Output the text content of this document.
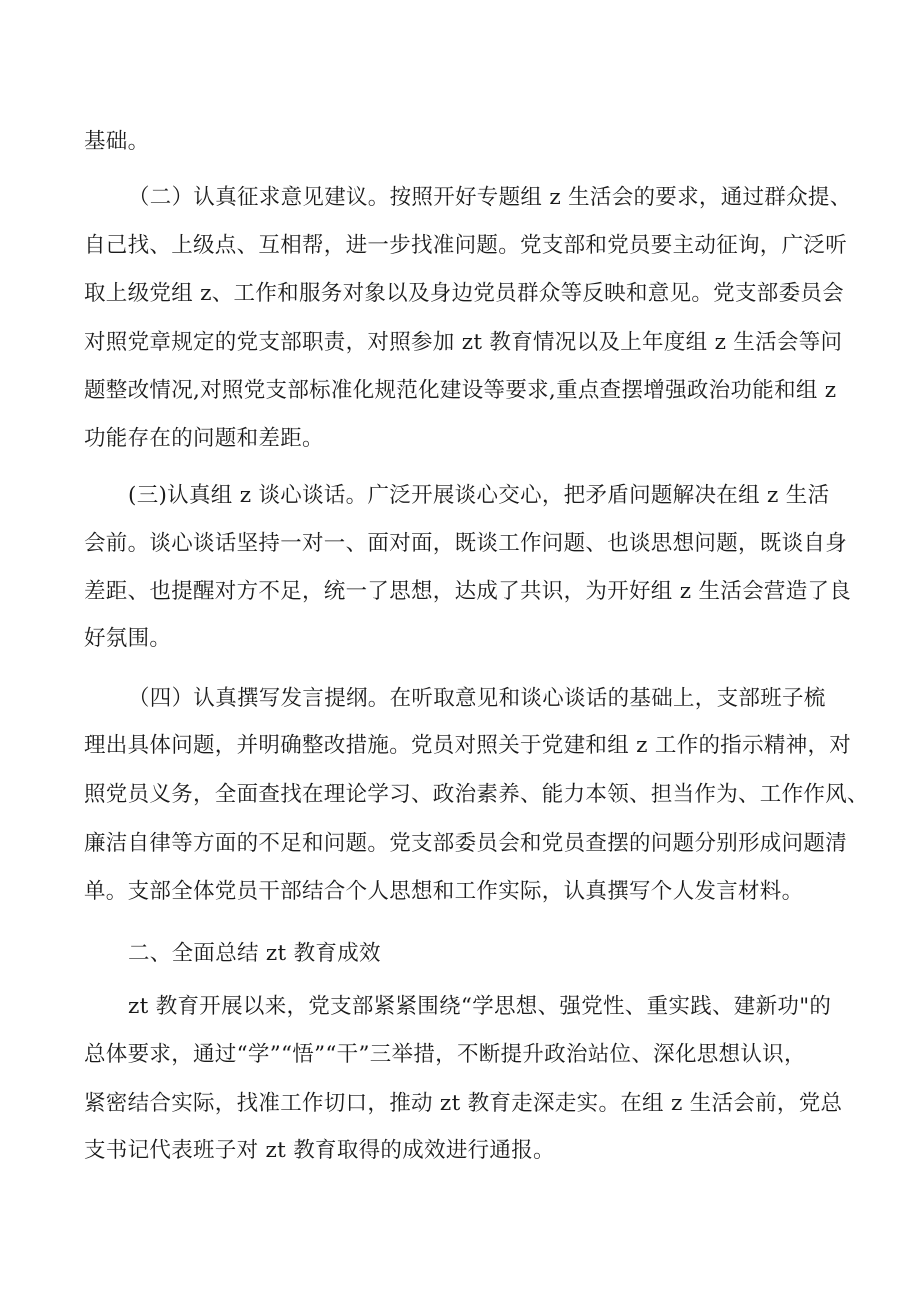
基础。
（二）认真征求意见建议。按照开好专题组 z 生活会的要求，通过群众提、
自己找、上级点、互相帮，进一步找准问题。党支部和党员要主动征询，广泛听
取上级党组 z、工作和服务对象以及身边党员群众等反映和意见。党支部委员会
对照党章规定的党支部职责，对照参加 zt 教育情况以及上年度组 z 生活会等问
题整改情况,对照党支部标准化规范化建设等要求,重点查摆增强政治功能和组 z
功能存在的问题和差距。
(三)认真组 z 谈心谈话。广泛开展谈心交心，把矛盾问题解决在组 z 生活
会前。谈心谈话坚持一对一、面对面，既谈工作问题、也谈思想问题，既谈自身
差距、也提醒对方不足，统一了思想，达成了共识，为开好组 z 生活会营造了良
好氛围。
（四）认真撰写发言提纲。在听取意见和谈心谈话的基础上，支部班子梳
理出具体问题，并明确整改措施。党员对照关于党建和组 z 工作的指示精神，对
照党员义务，全面查找在理论学习、政治素养、能力本领、担当作为、工作作风、
廉洁自律等方面的不足和问题。党支部委员会和党员查摆的问题分别形成问题清
单。支部全体党员干部结合个人思想和工作实际，认真撰写个人发言材料。
二、全面总结 zt 教育成效
zt 教育开展以来，党支部紧紧围绕“学思想、强党性、重实践、建新功"的
总体要求，通过“学”“悟”“干”三举措，不断提升政治站位、深化思想认识，
紧密结合实际，找准工作切口，推动 zt 教育走深走实。在组 z 生活会前，党总
支书记代表班子对 zt 教育取得的成效进行通报。
